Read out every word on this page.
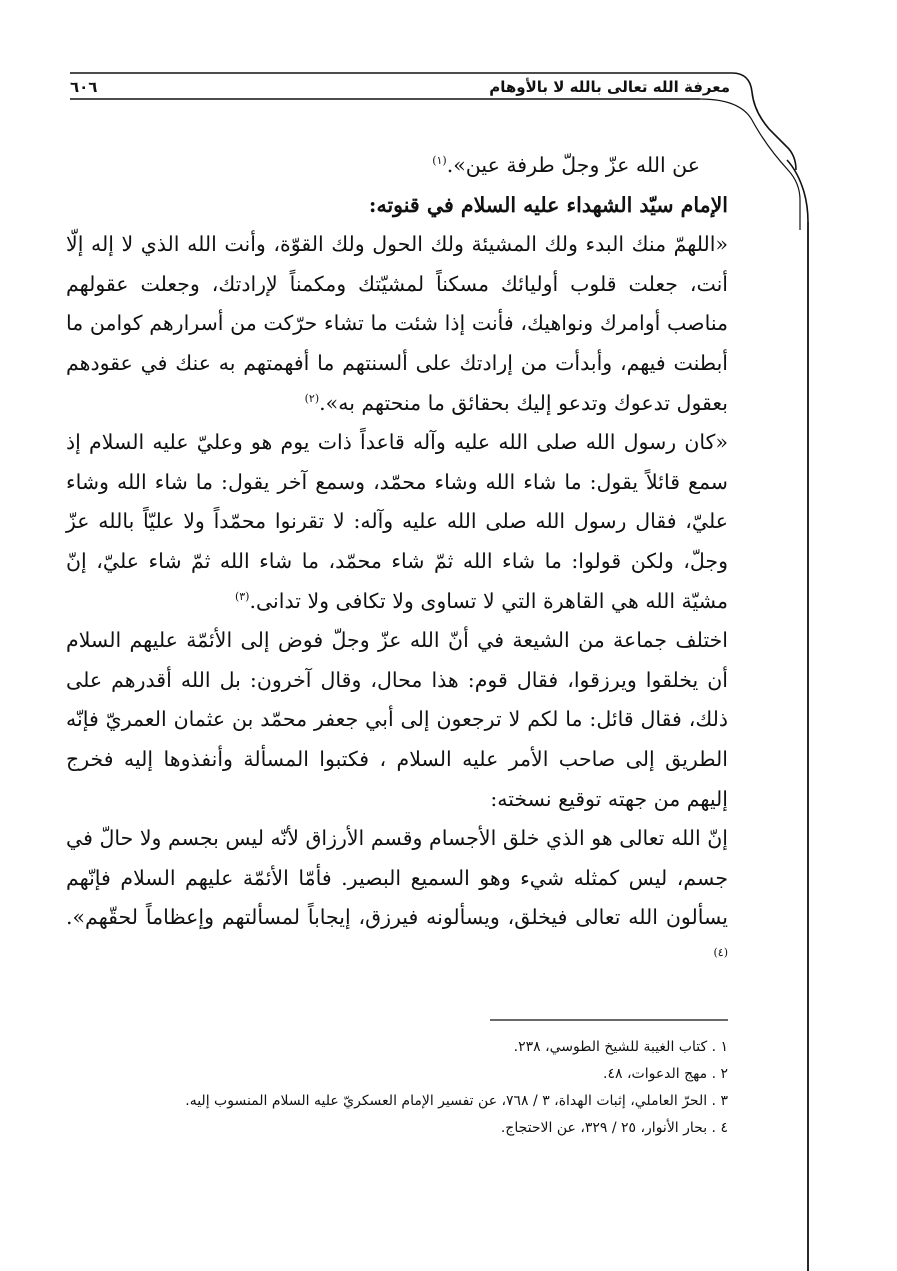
معرفة الله تعالى بالله لا بالأوهام
٦٠٦

عن الله عزّ وجلّ طرفة عين».$^{(١)}$

الإمام سيّد الشهداء عليه السلام في قنوته:

«اللهمّ منك البدء ولك المشيئة ولك الحول ولك القوّة، وأنت الله الذي لا إله إلّا أنت، جعلت قلوب أوليائك مسكناً لمشيّتك ومكمناً لإرادتك، وجعلت عقولهم مناصب أوامرك ونواهيك، فأنت إذا شئت ما تشاء حرّكت من أسرارهم كوامن ما أبطنت فيهم، وأبدأت من إرادتك على ألسنتهم ما أفهمتهم به عنك في عقودهم بعقول تدعوك وتدعو إليك بحقائق ما منحتهم به».$^{(٢)}$

«كان رسول الله صلى الله عليه وآله قاعداً ذات يوم هو وعليّ عليه السلام إذ سمع قائلاً يقول: ما شاء الله وشاء محمّد، وسمع آخر يقول: ما شاء الله وشاء عليّ، فقال رسول الله صلى الله عليه وآله: لا تقرنوا محمّداً ولا عليّاً بالله عزّ وجلّ، ولكن قولوا: ما شاء الله ثمّ شاء محمّد، ما شاء الله ثمّ شاء عليّ، إنّ مشيّة الله هي القاهرة التي لا تساوى ولا تكافى ولا تدانى.$^{(٣)}$

اختلف جماعة من الشيعة في أنّ الله عزّ وجلّ فوض إلى الأئمّة عليهم السلام أن يخلقوا ويرزقوا، فقال قوم: هذا محال، وقال آخرون: بل الله أقدرهم على ذلك، فقال قائل: ما لكم لا ترجعون إلى أبي جعفر محمّد بن عثمان العمريّ فإنّه الطريق إلى صاحب الأمر عليه السلام ، فكتبوا المسألة وأنفذوها إليه فخرج إليهم من جهته توقيع نسخته:

إنّ الله تعالى هو الذي خلق الأجسام وقسم الأرزاق لأنّه ليس بجسم ولا حالّ في جسم، ليس كمثله شيء وهو السميع البصير. فأمّا الأئمّة عليهم السلام فإنّهم يسألون الله تعالى فيخلق، ويسألونه فيرزق، إيجاباً لمسألتهم وإعظاماً لحقّهم».$^{(٤)}$

١ . كتاب الغيبة للشيخ الطوسي، ٢٣٨.

٢ . مهج الدعوات، ٤٨.

٣ . الحرّ العاملي، إثبات الهداة، ٣ / ٧٦٨، عن تفسير الإمام العسكريّ عليه السلام المنسوب إليه.

٤ . بحار الأنوار، ٢٥ / ٣٢٩، عن الاحتجاج.
